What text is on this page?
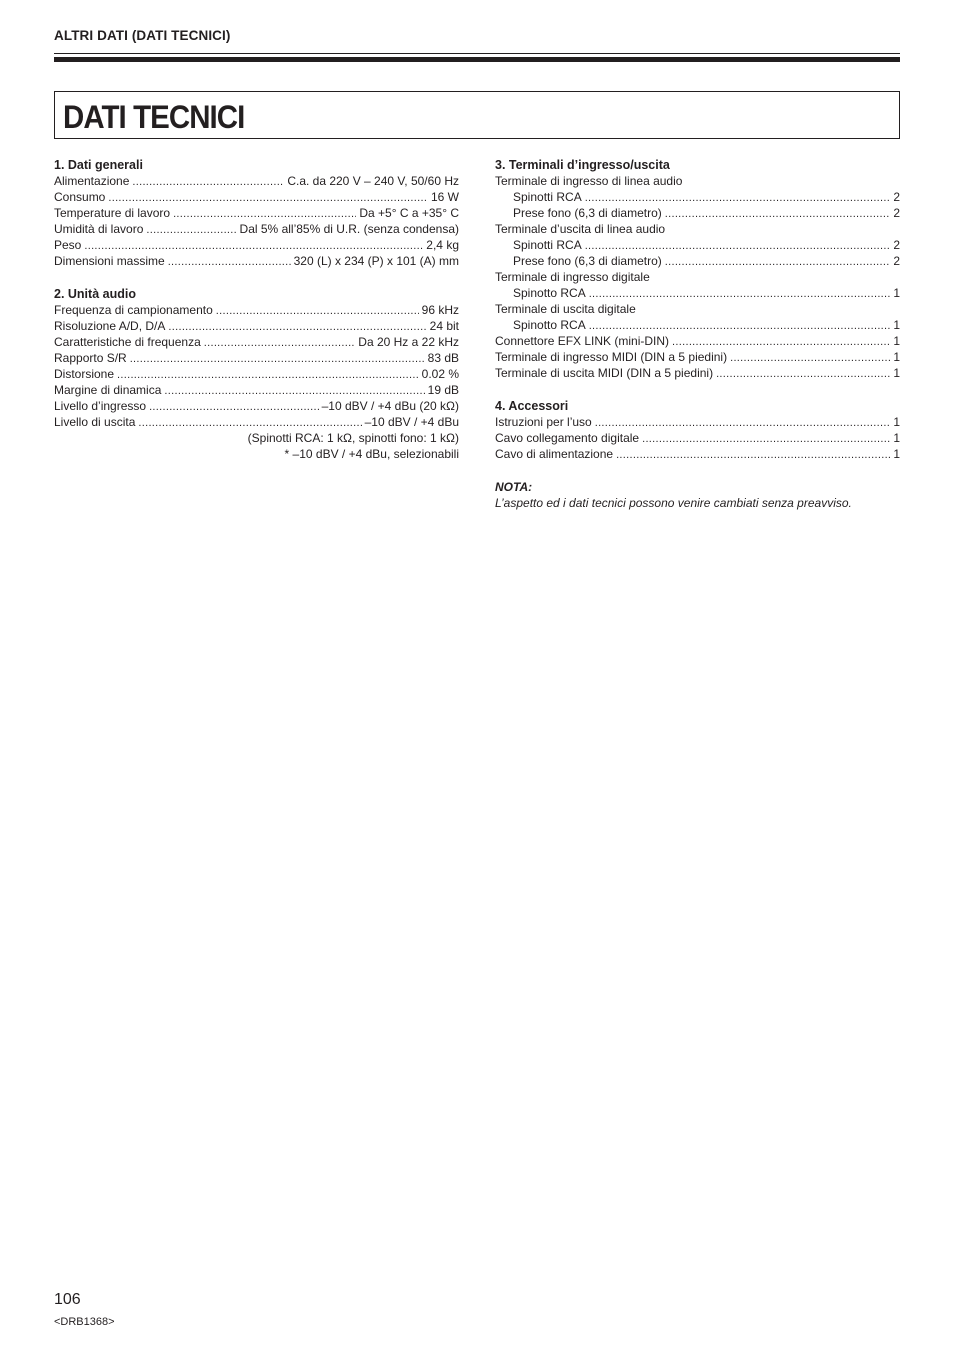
ALTRI DATI (DATI TECNICI)
DATI TECNICI
1. Dati generali
Alimentazione .....	C.a. da 220 V – 240 V, 50/60 Hz
Consumo .....	16 W
Temperature di lavoro .....	Da +5° C a +35° C
Umidità di lavoro .....	Dal 5% all’85% di U.R. (senza condensa)
Peso .....	2,4 kg
Dimensioni massime .....	320 (L) x 234 (P) x 101 (A) mm
2. Unità audio
Frequenza di campionamento .....	96 kHz
Risoluzione A/D, D/A .....	24 bit
Caratteristiche di frequenza .....	Da 20 Hz a 22 kHz
Rapporto S/R .....	83 dB
Distorsione .....	0.02 %
Margine di dinamica .....	19 dB
Livello d’ingresso .....	–10 dBV / +4 dBu (20 kΩ)
Livello di uscita .....	–10 dBV / +4 dBu
(Spinotti RCA: 1 kΩ, spinotti fono: 1 kΩ)
* –10 dBV / +4 dBu, selezionabili
3. Terminali d’ingresso/uscita
Terminale di ingresso di linea audio
Spinotti RCA .....	2
Prese fono (6,3 di diametro) .....	2
Terminale d’uscita di linea audio
Spinotti RCA .....	2
Prese fono (6,3 di diametro) .....	2
Terminale di ingresso digitale
Spinotto RCA .....	1
Terminale di uscita digitale
Spinotto RCA .....	1
Connettore EFX LINK (mini-DIN) .....	1
Terminale di ingresso MIDI (DIN a 5 piedini) .....	1
Terminale di uscita MIDI (DIN a 5 piedini) .....	1
4. Accessori
Istruzioni per l’uso .....	1
Cavo collegamento digitale .....	1
Cavo di alimentazione .....	1
NOTA:
L’aspetto ed i dati tecnici possono venire cambiati senza preavviso.
106
<DRB1368>
